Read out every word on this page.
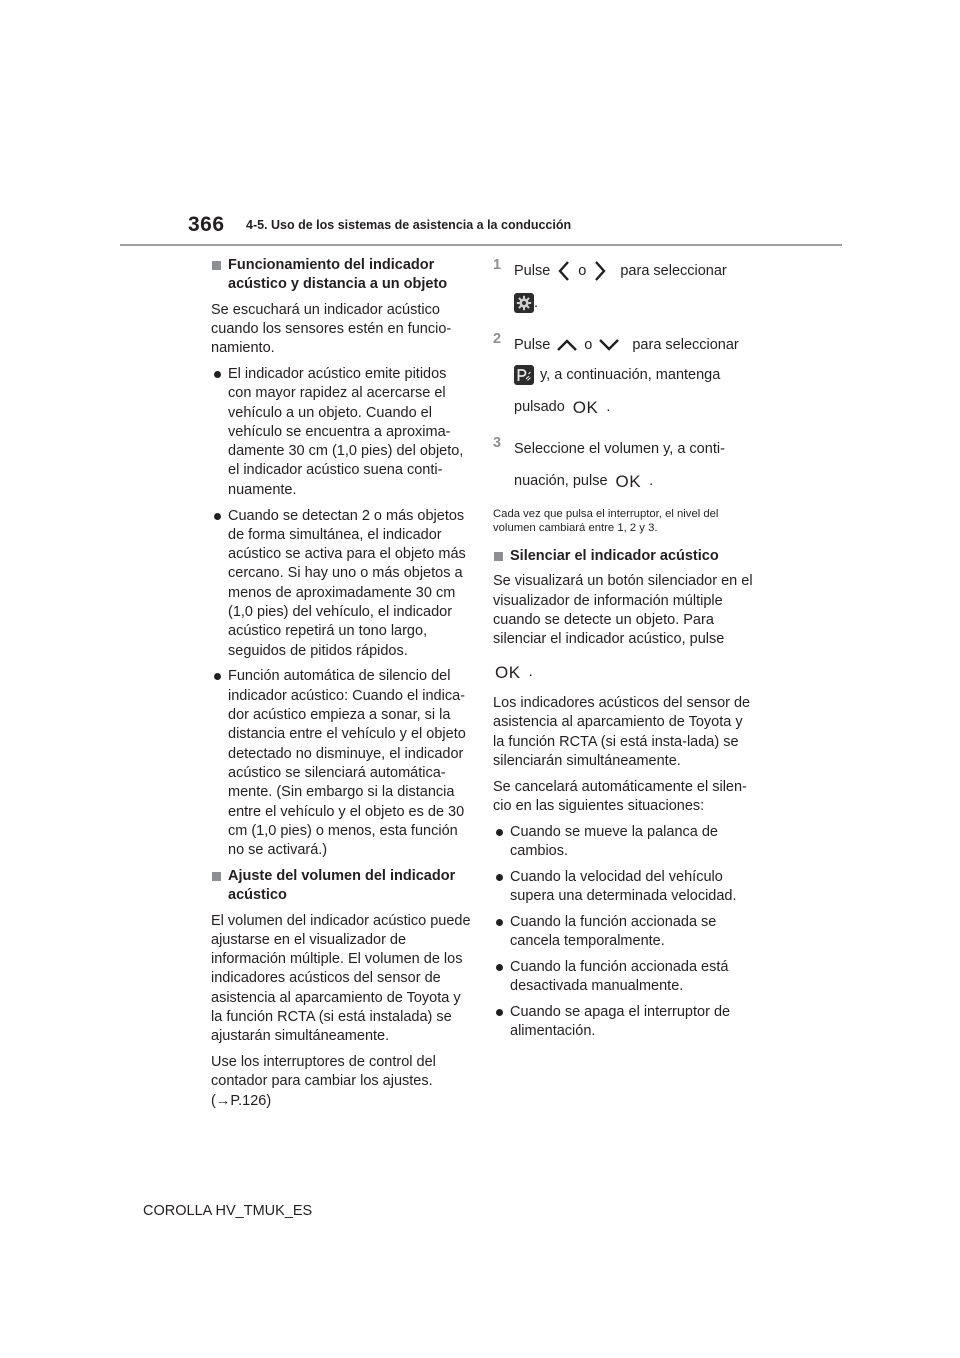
366 4-5. Uso de los sistemas de asistencia a la conducción
Funcionamiento del indicador acústico y distancia a un objeto

Se escuchará un indicador acústico cuando los sensores estén en funcio-namiento.

El indicador acústico emite pitidos con mayor rapidez al acercarse el vehículo a un objeto. Cuando el vehículo se encuentra a aproxima-damente 30 cm (1,0 pies) del objeto, el indicador acústico suena conti-nuamente.
Cuando se detectan 2 o más objetos de forma simultánea, el indicador acústico se activa para el objeto más cercano. Si hay uno o más objetos a menos de aproximadamente 30 cm (1,0 pies) del vehículo, el indicador acústico repetirá un tono largo, seguidos de pitidos rápidos.
Función automática de silencio del indicador acústico: Cuando el indica-dor acústico empieza a sonar, si la distancia entre el vehículo y el objeto detectado no disminuye, el indicador acústico se silenciará automática-mente. (Sin embargo si la distancia entre el vehículo y el objeto es de 30 cm (1,0 pies) o menos, esta función no se activará.)
Ajuste del volumen del indicador acústico

El volumen del indicador acústico puede ajustarse en el visualizador de información múltiple. El volumen de los indicadores acústicos del sensor de asistencia al aparcamiento de Toyota y la función RCTA (si está instalada) se ajustarán simultáneamente.

Use los interruptores de control del contador para cambiar los ajustes.
(→P.126)

1 Pulse o para seleccionar
.
2 Pulse o	para seleccionar
y, a continuación, mantenga
pulsado OK .
3 Seleccione el volumen y, a conti-
nuación, pulse OK .

Cada vez que pulsa el interruptor, el nivel del volumen cambiará entre 1, 2 y 3.

Silenciar el indicador acústico

Se visualizará un botón silenciador en el visualizador de información múltiple cuando se detecte un objeto. Para silenciar el indicador acústico, pulse

OK .

Los indicadores acústicos del sensor de asistencia al aparcamiento de Toyota y la función RCTA (si está insta-lada) se silenciarán simultáneamente.

Se cancelará automáticamente el silen-cio en las siguientes situaciones:

Cuando se mueve la palanca de cambios.
Cuando la velocidad del vehículo supera una determinada velocidad.
Cuando la función accionada se cancela temporalmente.
Cuando la función accionada está desactivada manualmente.
Cuando se apaga el interruptor de alimentación.
COROLLA HV_TMUK_ES
